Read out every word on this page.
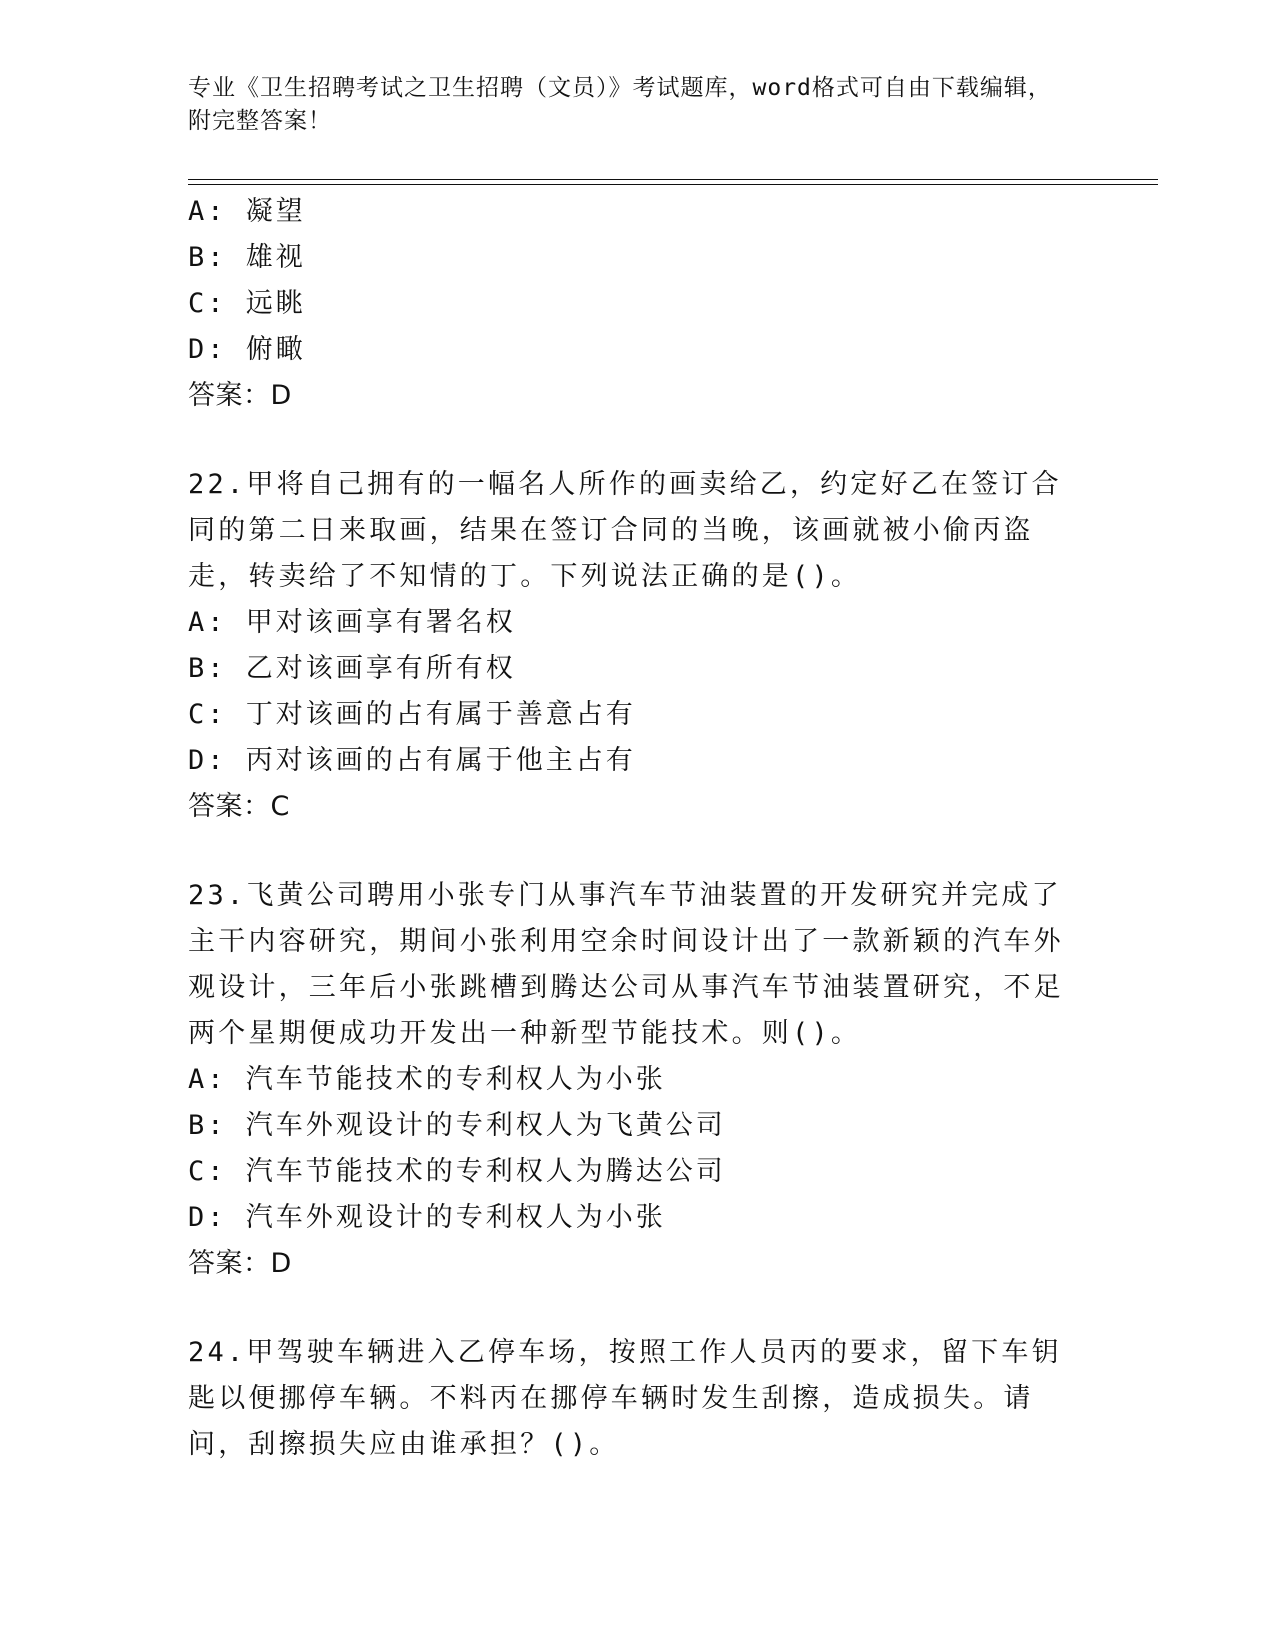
专业《卫生招聘考试之卫生招聘（文员）》考试题库，word格式可自由下载编辑，附完整答案！
A: 凝望
B: 雄视
C: 远眺
D: 俯瞰
答案：D

22.甲将自己拥有的一幅名人所作的画卖给乙，约定好乙在签订合同的第二日来取画，结果在签订合同的当晚，该画就被小偷丙盗走，转卖给了不知情的丁。下列说法正确的是()。

A: 甲对该画享有署名权
B: 乙对该画享有所有权
C: 丁对该画的占有属于善意占有
D: 丙对该画的占有属于他主占有
答案：C

23.飞黄公司聘用小张专门从事汽车节油装置的开发研究并完成了主干内容研究，期间小张利用空余时间设计出了一款新颖的汽车外观设计，三年后小张跳槽到腾达公司从事汽车节油装置研究，不足两个星期便成功开发出一种新型节能技术。则()。

A: 汽车节能技术的专利权人为小张
B: 汽车外观设计的专利权人为飞黄公司
C: 汽车节能技术的专利权人为腾达公司
D: 汽车外观设计的专利权人为小张
答案：D

24.甲驾驶车辆进入乙停车场，按照工作人员丙的要求，留下车钥匙以便挪停车辆。不料丙在挪停车辆时发生刮擦，造成损失。请问，刮擦损失应由谁承担？()。
